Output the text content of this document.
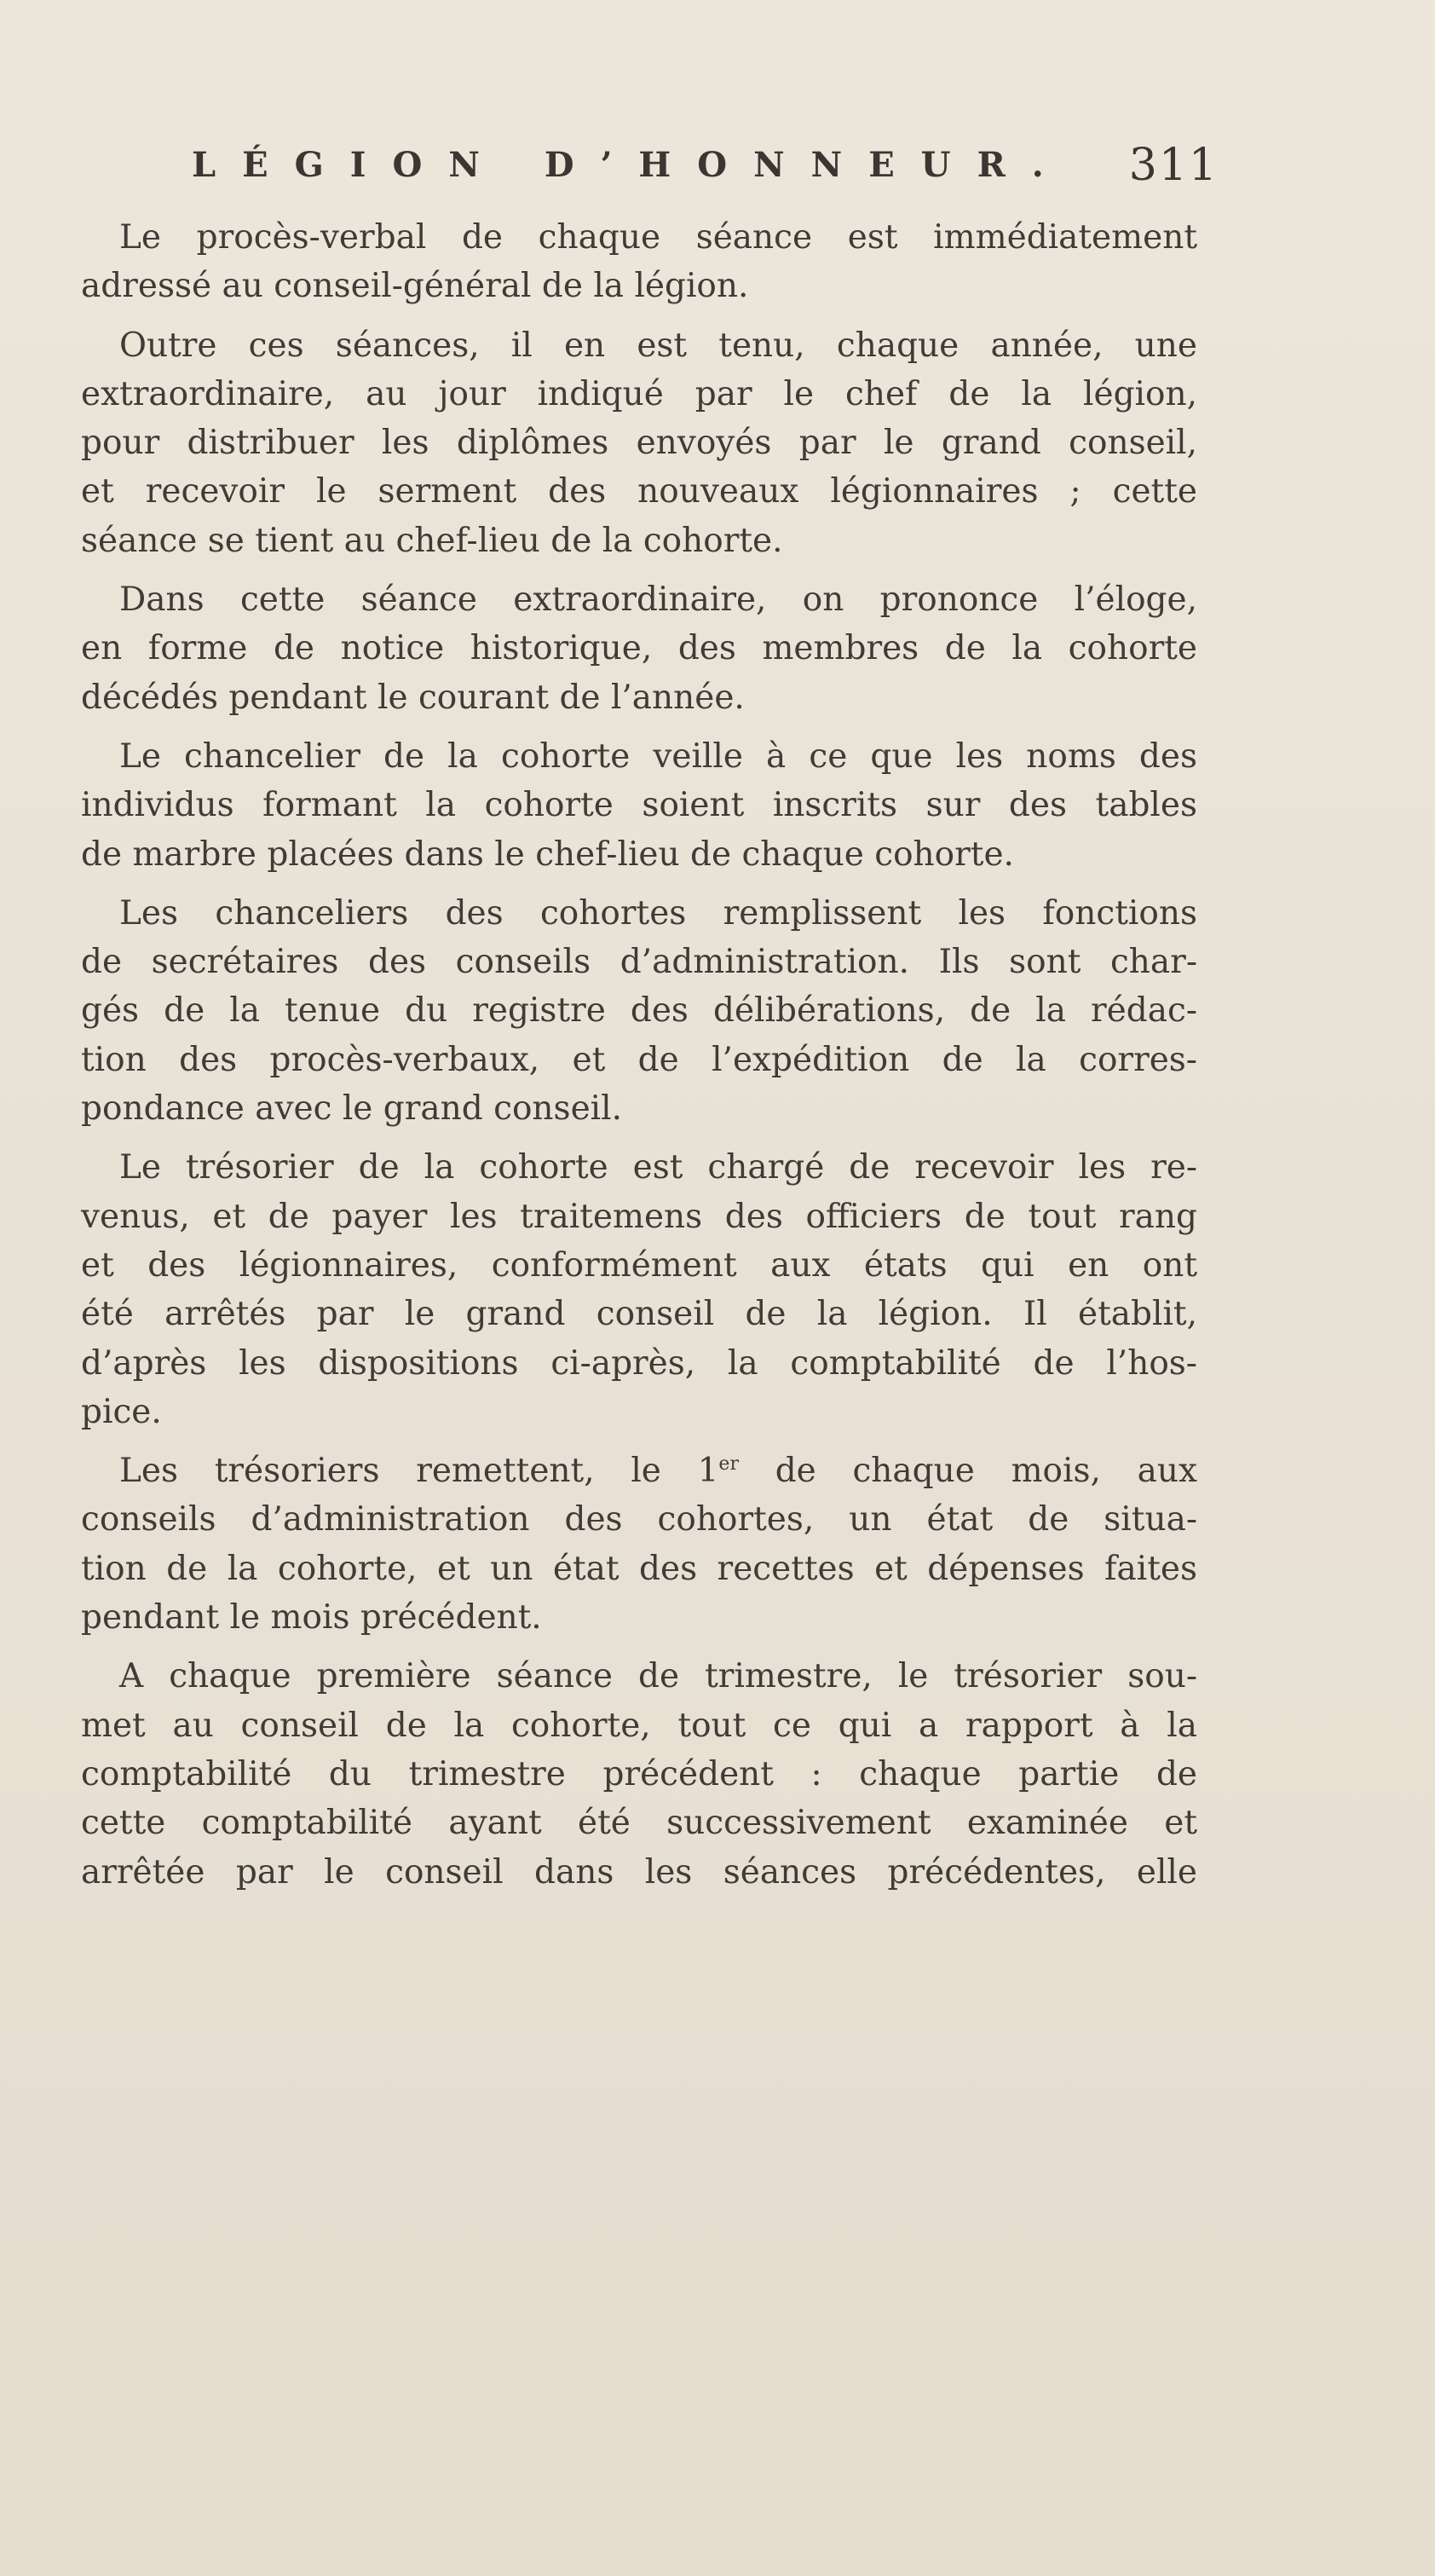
LÉGION D’HONNEUR. 311
Le procès-verbal de chaque séance est immédiatement
adressé au conseil-général de la légion.
Outre ces séances, il en est tenu, chaque année, une
extraordinaire, au jour indiqué par le chef de la légion,
pour distribuer les diplômes envoyés par le grand conseil,
et recevoir le serment des nouveaux légionnaires ; cette
séance se tient au chef-lieu de la cohorte.
Dans cette séance extraordinaire, on prononce l’éloge,
en forme de notice historique, des membres de la cohorte
décédés pendant le courant de l’année.
Le chancelier de la cohorte veille à ce que les noms des
individus formant la cohorte soient inscrits sur des tables
de marbre placées dans le chef-lieu de chaque cohorte.
Les chanceliers des cohortes remplissent les fonctions
de secrétaires des conseils d’administration. Ils sont char-
gés de la tenue du registre des délibérations, de la rédac-
tion des procès-verbaux, et de l’expédition de la corres-
pondance avec le grand conseil.
Le trésorier de la cohorte est chargé de recevoir les re-
venus, et de payer les traitemens des officiers de tout rang
et des légionnaires, conformément aux états qui en ont
été arrêtés par le grand conseil de la légion. Il établit,
d’après les dispositions ci-après, la comptabilité de l’hos-
pice.
Les trésoriers remettent, le 1er de chaque mois, aux
conseils d’administration des cohortes, un état de situa-
tion de la cohorte, et un état des recettes et dépenses faites
pendant le mois précédent.
A chaque première séance de trimestre, le trésorier sou-
met au conseil de la cohorte, tout ce qui a rapport à la
comptabilité du trimestre précédent : chaque partie de
cette comptabilité ayant été successivement examinée et
arrêtée par le conseil dans les séances précédentes, elle
